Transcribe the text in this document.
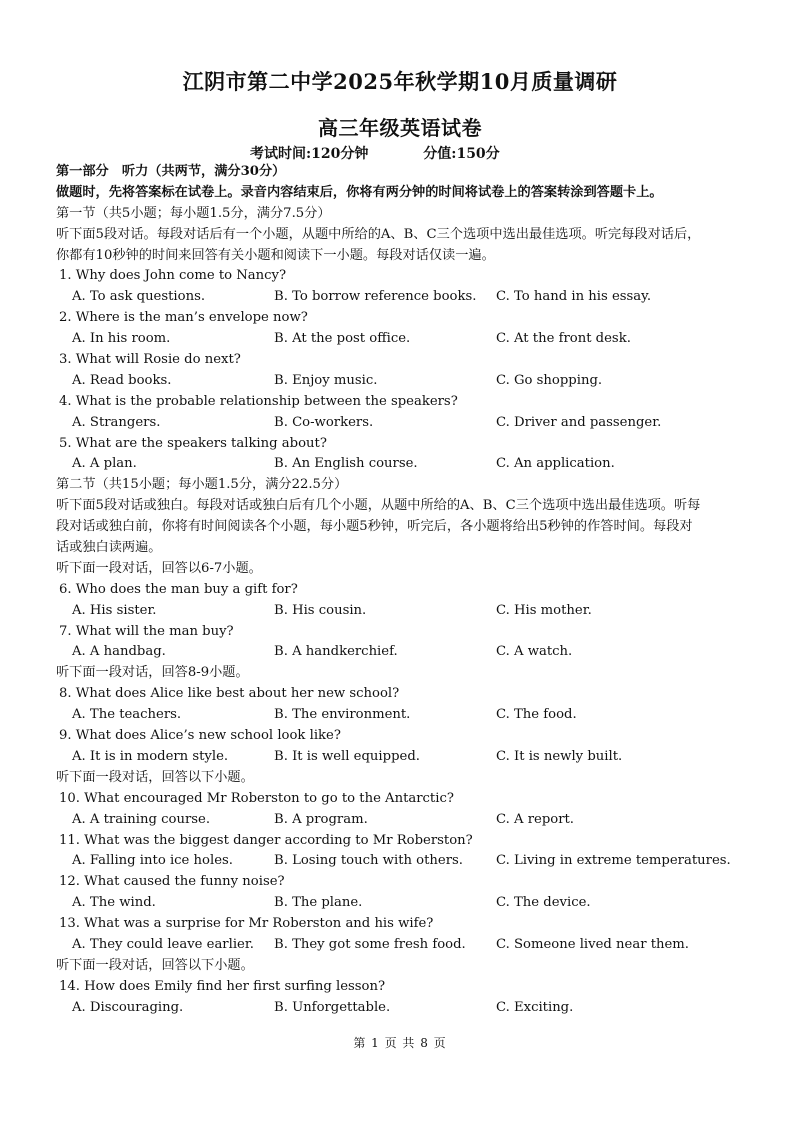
江阴市第二中学2025年秋学期10月质量调研
高三年级英语试卷
考试时间:120分钟	分值:150分
第一部分　听力（共两节，满分30分）
做题时，先将答案标在试卷上。录音内容结束后，你将有两分钟的时间将试卷上的答案转涂到答题卡上。
第一节（共5小题；每小题1.5分，满分7.5分）
听下面5段对话。每段对话后有一个小题，从题中所给的A、B、C三个选项中选出最佳选项。听完每段对话后，
你都有10秒钟的时间来回答有关小题和阅读下一小题。每段对话仅读一遍。
1. Why does John come to Nancy?
A. To ask questions.	B. To borrow reference books. C. To hand in his essay.
2. Where is the man’s envelope now?
A. In his room.	B. At the post office.	C. At the front desk.
3. What will Rosie do next?
A. Read books.	B. Enjoy music.	C. Go shopping.
4. What is the probable relationship between the speakers?
A. Strangers.	B. Co-workers.	C. Driver and passenger.
5. What are the speakers talking about?
A. A plan.	B. An English course.	C. An application.
第二节（共15小题；每小题1.5分，满分22.5分）
听下面5段对话或独白。每段对话或独白后有几个小题，从题中所给的A、B、C三个选项中选出最佳选项。听每
段对话或独白前，你将有时间阅读各个小题，每小题5秒钟，听完后，各小题将给出5秒钟的作答时间。每段对
话或独白读两遍。
听下面一段对话，回答以6-7小题。
6. Who does the man buy a gift for?
A. His sister.	B. His cousin.	C. His mother.
7. What will the man buy?
A. A handbag.	B. A handkerchief.	C. A watch.
听下面一段对话，回答8-9小题。
8. What does Alice like best about her new school?
A. The teachers.	B. The environment.	C. The food.
9. What does Alice’s new school look like?
A. It is in modern style.	B. It is well equipped.	C. It is newly built.
听下面一段对话，回答以下小题。
10. What encouraged Mr Roberston to go to the Antarctic?
A. A training course.	B. A program.	C. A report.
11. What was the biggest danger according to Mr Roberston?
A. Falling into ice holes.	B. Losing touch with others.	C. Living in extreme temperatures.
12. What caused the funny noise?
A. The wind.	B. The plane.	C. The device.
13. What was a surprise for Mr Roberston and his wife?
A. They could leave earlier. B. They got some fresh food. C. Someone lived near them.
听下面一段对话，回答以下小题。
14. How does Emily find her first surfing lesson?
A. Discouraging.	B. Unforgettable.	C. Exciting.
第 1 页 共 8 页
